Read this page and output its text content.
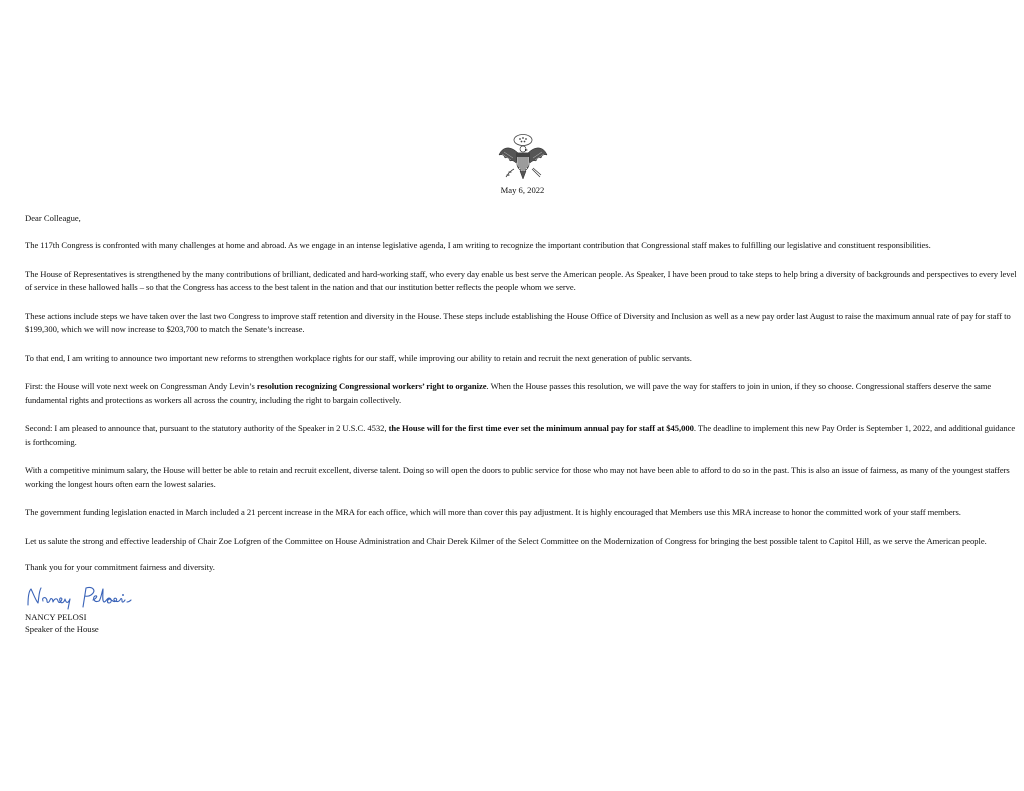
May 6, 2022
Dear Colleague,
The 117th Congress is confronted with many challenges at home and abroad. As we engage in an intense legislative agenda, I am writing to recognize the important contribution that Congressional staff makes to fulfilling our legislative and constituent responsibilities.
The House of Representatives is strengthened by the many contributions of brilliant, dedicated and hard-working staff, who every day enable us best serve the American people. As Speaker, I have been proud to take steps to help bring a diversity of backgrounds and perspectives to every level of service in these hallowed halls – so that the Congress has access to the best talent in the nation and that our institution better reflects the people whom we serve.
These actions include steps we have taken over the last two Congress to improve staff retention and diversity in the House. These steps include establishing the House Office of Diversity and Inclusion as well as a new pay order last August to raise the maximum annual rate of pay for staff to $199,300, which we will now increase to $203,700 to match the Senate’s increase.
To that end, I am writing to announce two important new reforms to strengthen workplace rights for our staff, while improving our ability to retain and recruit the next generation of public servants.
First: the House will vote next week on Congressman Andy Levin’s resolution recognizing Congressional workers’ right to organize. When the House passes this resolution, we will pave the way for staffers to join in union, if they so choose. Congressional staffers deserve the same fundamental rights and protections as workers all across the country, including the right to bargain collectively.
Second: I am pleased to announce that, pursuant to the statutory authority of the Speaker in 2 U.S.C. 4532, the House will for the first time ever set the minimum annual pay for staff at $45,000. The deadline to implement this new Pay Order is September 1, 2022, and additional guidance is forthcoming.
With a competitive minimum salary, the House will better be able to retain and recruit excellent, diverse talent. Doing so will open the doors to public service for those who may not have been able to afford to do so in the past. This is also an issue of fairness, as many of the youngest staffers working the longest hours often earn the lowest salaries.
The government funding legislation enacted in March included a 21 percent increase in the MRA for each office, which will more than cover this pay adjustment. It is highly encouraged that Members use this MRA increase to honor the committed work of your staff members.
Let us salute the strong and effective leadership of Chair Zoe Lofgren of the Committee on House Administration and Chair Derek Kilmer of the Select Committee on the Modernization of Congress for bringing the best possible talent to Capitol Hill, as we serve the American people.
Thank you for your commitment fairness and diversity.
NANCY PELOSI
Speaker of the House
